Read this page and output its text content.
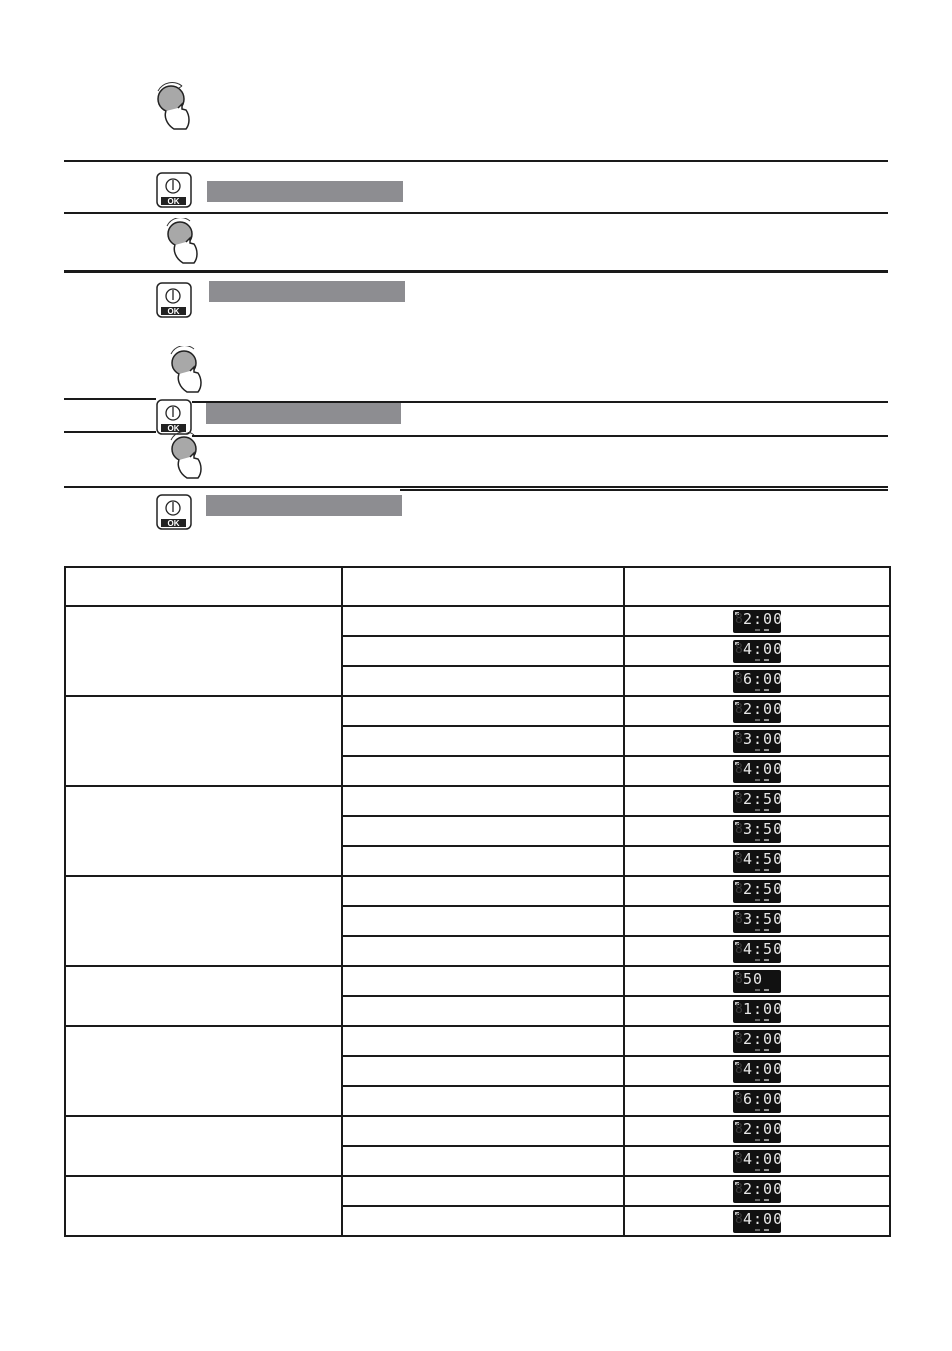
OK
OK
OK
OK

		8 2:00

		8 4:00

		8 6:00

		8 2:00

		8 3:00

		8 4:00

		8 2:50

		8 3:50

		8 4:50

		8 2:50

		8 3:50

		8 4:50

		8 50

		8 1:00

		8 2:00

		8 4:00

		8 6:00

		8 2:00

		8 4:00

		8 2:00

		8 4:00
